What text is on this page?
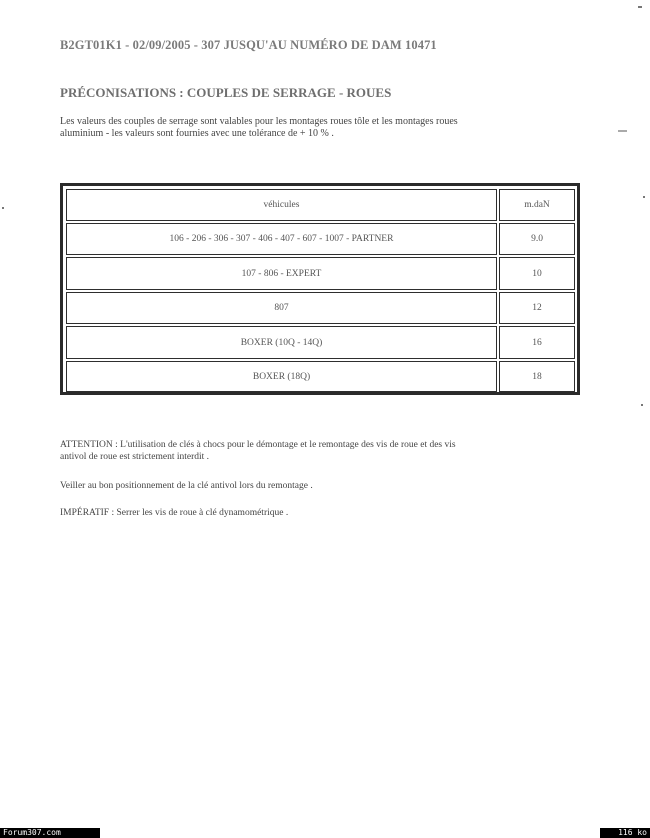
B2GT01K1 - 02/09/2005 - 307 JUSQU'AU NUMÉRO DE DAM 10471
PRÉCONISATIONS : COUPLES DE SERRAGE - ROUES
Les valeurs des couples de serrage sont valables pour les montages roues tôle et les montages roues
aluminium - les valeurs sont fournies avec une tolérance de + 10 % .
véhicules	m.daN
106 - 206 - 306 - 307 - 406 - 407 - 607 - 1007 - PARTNER	9.0
107 - 806 - EXPERT	10
807	12
BOXER (10Q - 14Q)	16
BOXER (18Q)	18
ATTENTION : L'utilisation de clés à chocs pour le démontage et le remontage des vis de roue et des vis
antivol de roue est strictement interdit .
Veiller au bon positionnement de la clé antivol lors du remontage .
IMPÉRATIF : Serrer les vis de roue à clé dynamométrique .
Forum307.com	116 ko
